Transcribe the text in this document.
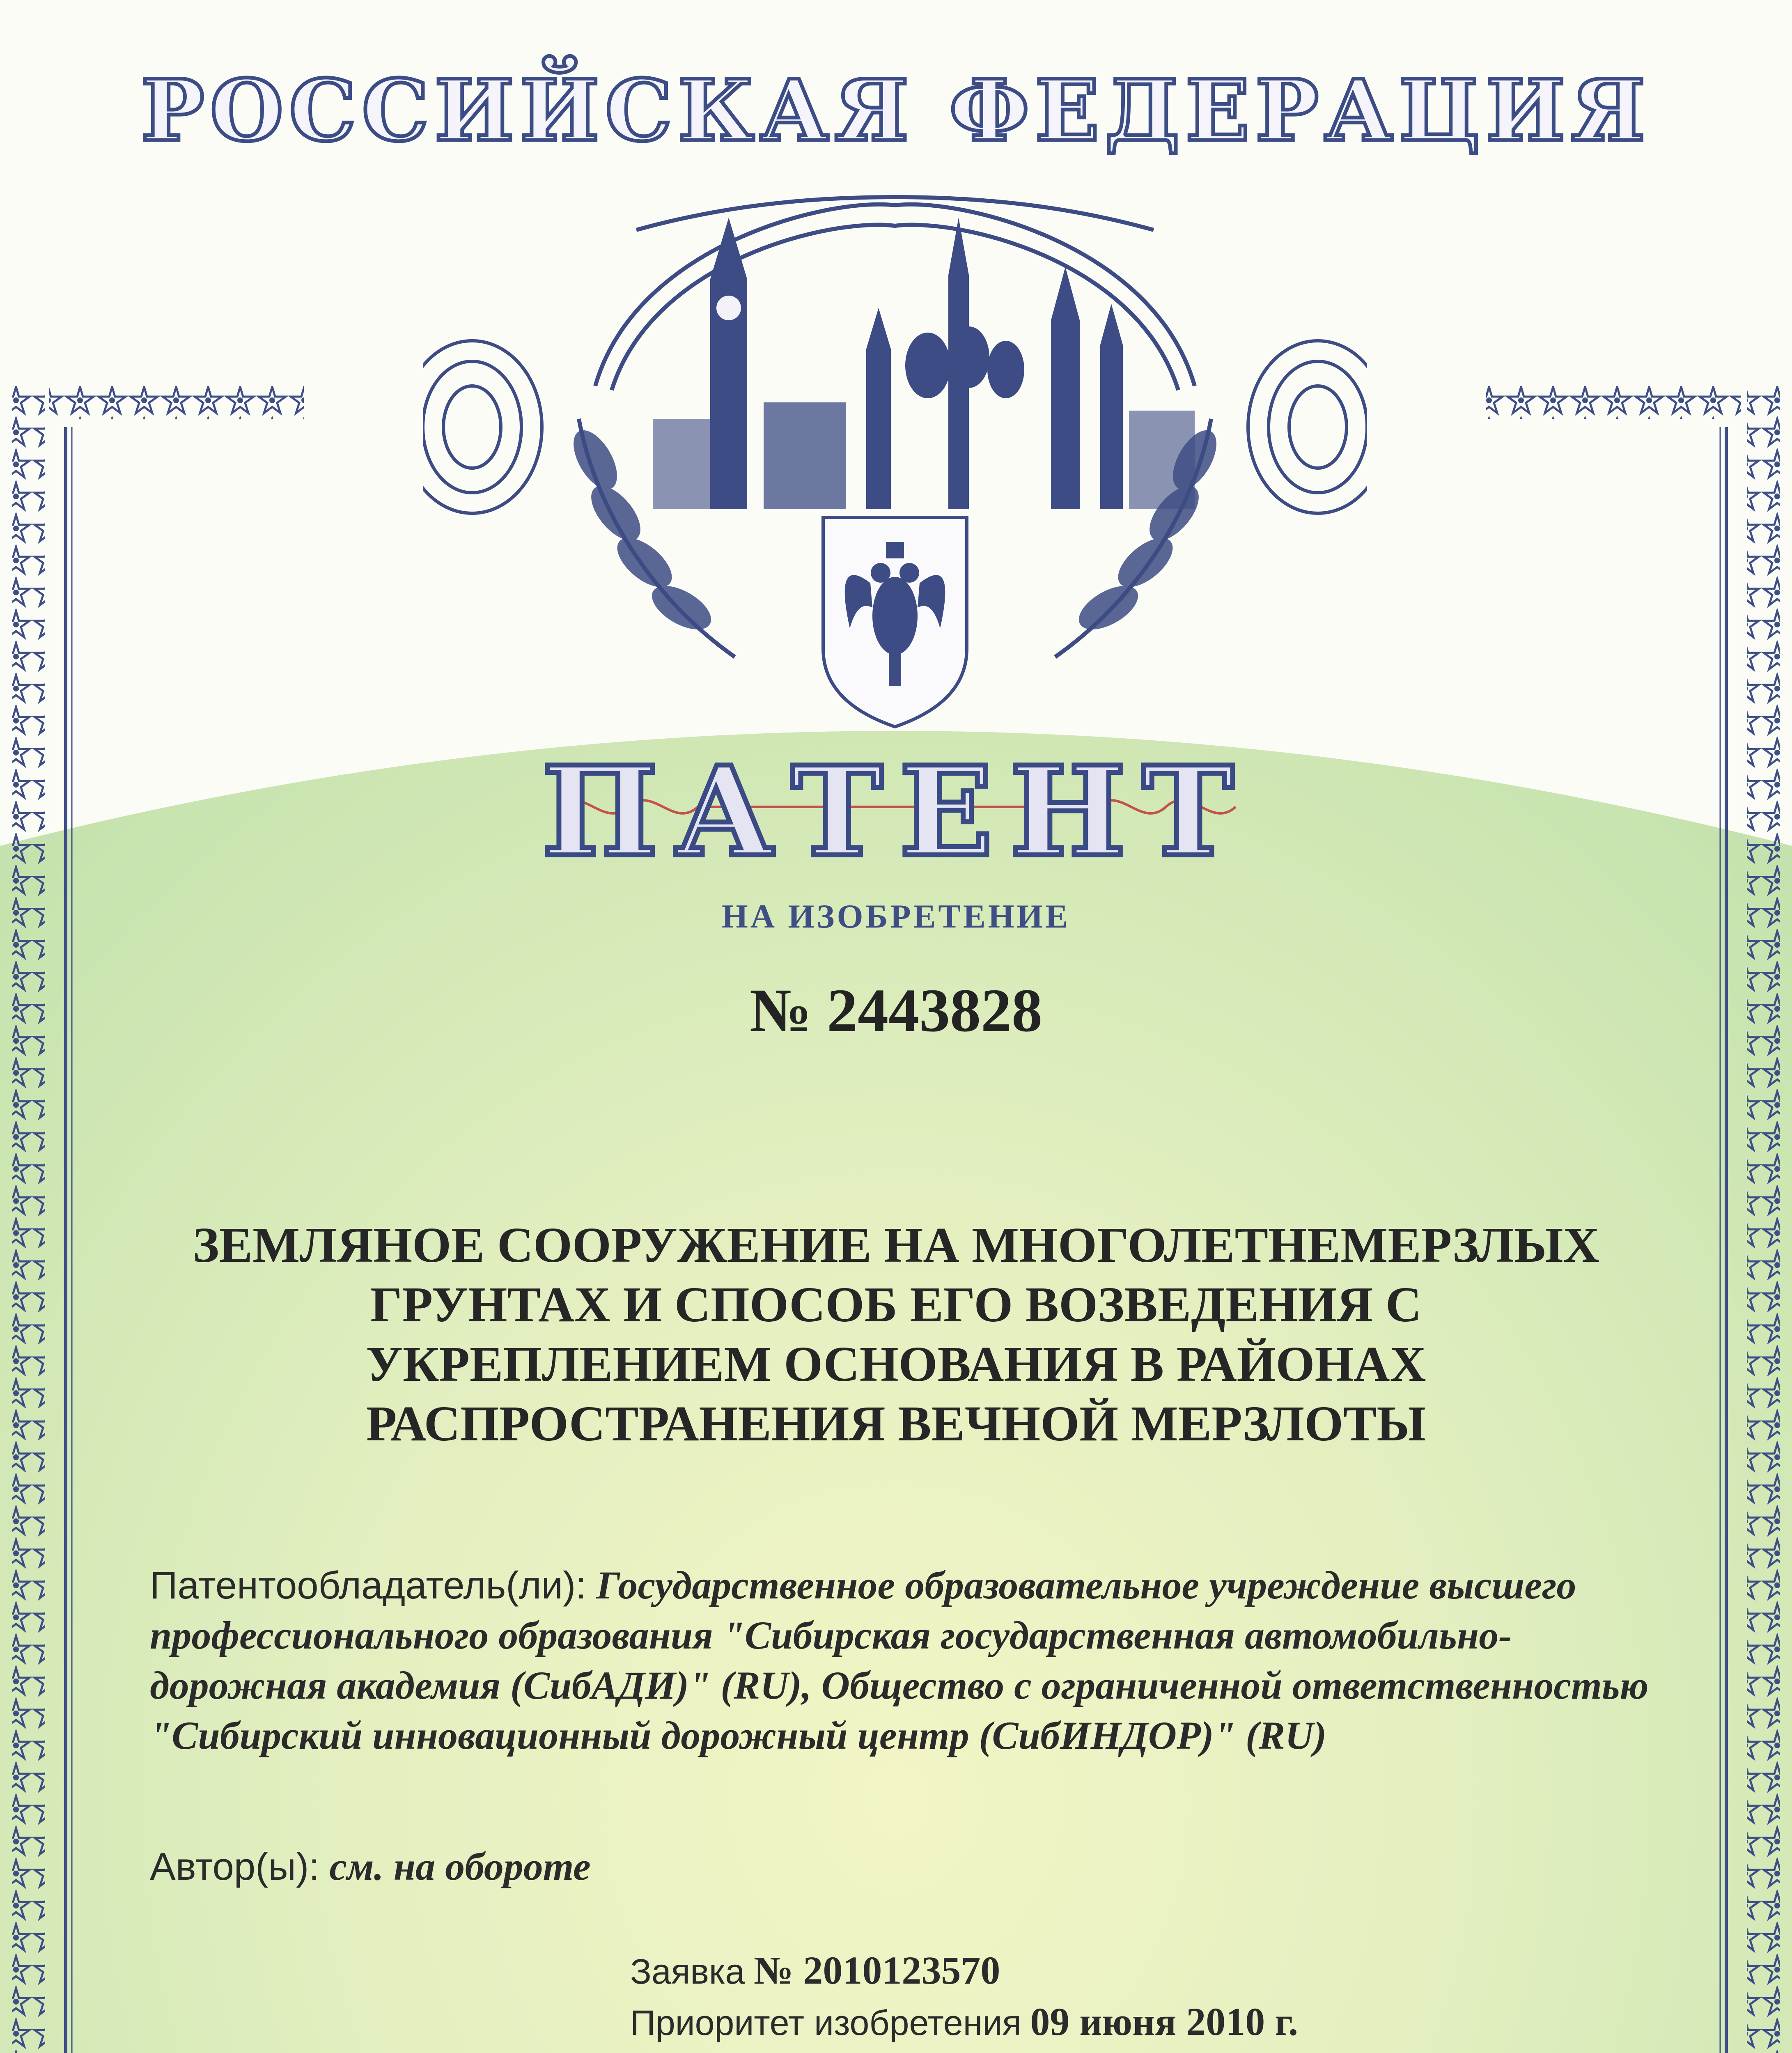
РОССИЙСКАЯ ФЕДЕРАЦИЯ
ПАТЕНТ
НА ИЗОБРЕТЕНИЕ
№ 2443828
ЗЕМЛЯНОЕ СООРУЖЕНИЕ НА МНОГОЛЕТНЕМЕРЗЛЫХ
ГРУНТАХ И СПОСОБ ЕГО ВОЗВЕДЕНИЯ С
УКРЕПЛЕНИЕМ ОСНОВАНИЯ В РАЙОНАХ
РАСПРОСТРАНЕНИЯ ВЕЧНОЙ МЕРЗЛОТЫ
Патентообладатель(ли): Государственное образовательное учреждение высшего профессионального образования "Сибирская государственная автомобильно-дорожная академия (СибАДИ)" (RU), Общество с ограниченной ответственностью "Сибирский инновационный дорожный центр (СибИНДОР)" (RU)
Автор(ы): см. на обороте
Заявка № 2010123570
Приоритет изобретения 09 июня 2010 г.
